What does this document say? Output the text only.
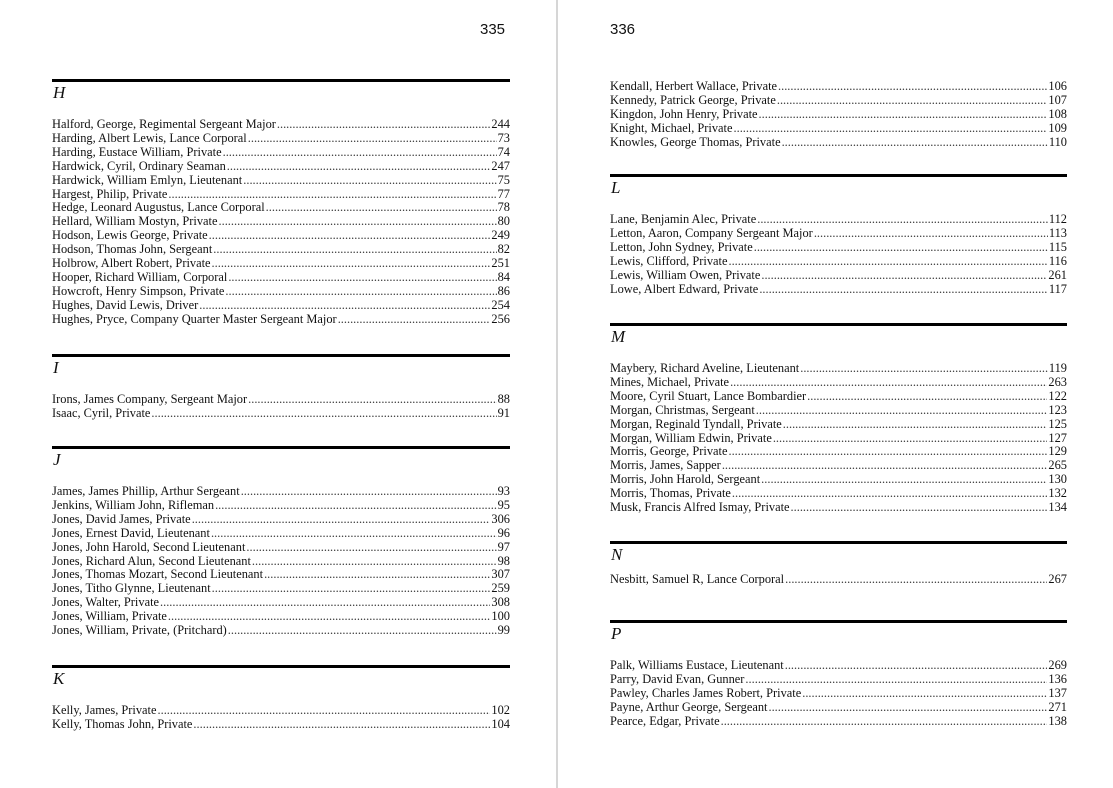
335
H
Halford, George, Regimental Sergeant Major .....	244
Harding, Albert Lewis, Lance Corporal .....	73
Harding, Eustace William, Private .....	74
Hardwick, Cyril, Ordinary Seaman .....	247
Hardwick, William Emlyn, Lieutenant .....	75
Hargest, Philip, Private .....	77
Hedge, Leonard Augustus, Lance Corporal .....	78
Hellard, William Mostyn, Private .....	80
Hodson, Lewis George, Private .....	249
Hodson, Thomas John, Sergeant .....	82
Holbrow, Albert Robert, Private .....	251
Hooper, Richard William, Corporal .....	84
Howcroft, Henry Simpson, Private .....	86
Hughes, David Lewis, Driver .....	254
Hughes, Pryce, Company Quarter Master Sergeant Major .....	256
I
Irons, James Company, Sergeant Major .....	88
Isaac, Cyril, Private .....	91
J
James, James Phillip, Arthur Sergeant .....	93
Jenkins, William John, Rifleman .....	95
Jones, David James, Private .....	306
Jones, Ernest David, Lieutenant .....	96
Jones, John Harold, Second Lieutenant .....	97
Jones, Richard Alun, Second Lieutenant .....	98
Jones, Thomas Mozart, Second Lieutenant .....	307
Jones, Titho Glynne, Lieutenant .....	259
Jones, Walter, Private .....	308
Jones, William, Private .....	100
Jones, William, Private, (Pritchard) .....	99
K
Kelly, James, Private .....	102
Kelly, Thomas John, Private .....	104
336
Kendall, Herbert Wallace, Private .....	106
Kennedy, Patrick George, Private .....	107
Kingdon, John Henry, Private .....	108
Knight, Michael, Private .....	109
Knowles, George Thomas, Private .....	110
L
Lane, Benjamin Alec, Private .....	112
Letton, Aaron, Company Sergeant Major .....	113
Letton, John Sydney, Private .....	115
Lewis, Clifford, Private .....	116
Lewis, William Owen, Private .....	261
Lowe, Albert Edward, Private .....	117
M
Maybery, Richard Aveline, Lieutenant .....	119
Mines, Michael, Private .....	263
Moore, Cyril Stuart, Lance Bombardier .....	122
Morgan, Christmas, Sergeant .....	123
Morgan, Reginald Tyndall, Private .....	125
Morgan, William Edwin, Private .....	127
Morris, George, Private .....	129
Morris, James, Sapper .....	265
Morris, John Harold, Sergeant .....	130
Morris, Thomas, Private .....	132
Musk, Francis Alfred Ismay, Private .....	134
N
Nesbitt, Samuel R, Lance Corporal .....	267
P
Palk, Williams Eustace, Lieutenant .....	269
Parry, David Evan, Gunner .....	136
Pawley, Charles James Robert, Private .....	137
Payne, Arthur George, Sergeant .....	271
Pearce, Edgar, Private .....	138
